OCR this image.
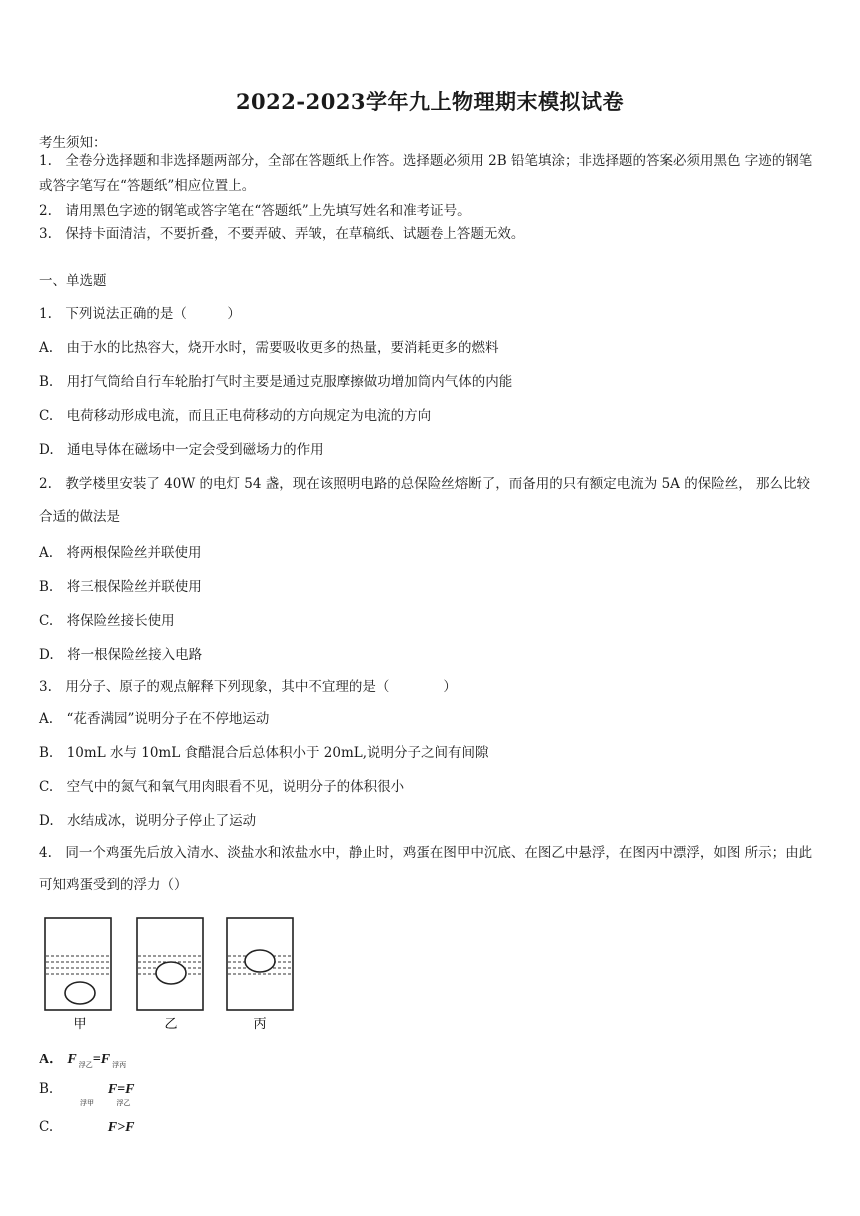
2022-2023学年九上物理期末模拟试卷
考生须知：
1.　全卷分选择题和非选择题两部分，全部在答题纸上作答。选择题必须用 2B 铅笔填涂；非选择题的答案必须用黑色 字迹的钢笔或答字笔写在“答题纸”相应位置上。
2.　请用黑色字迹的钢笔或答字笔在“答题纸”上先填写姓名和准考证号。
3.　保持卡面清洁，不要折叠，不要弄破、弄皱，在草稿纸、试题卷上答题无效。
一、单选题
1.　下列说法正确的是（　　　）
A.　由于水的比热容大，烧开水时，需要吸收更多的热量，要消耗更多的燃料
B.　用打气筒给自行车轮胎打气时主要是通过克服摩擦做功增加筒内气体的内能
C.　电荷移动形成电流，而且正电荷移动的方向规定为电流的方向
D.　通电导体在磁场中一定会受到磁场力的作用
2.　教学楼里安装了 40W 的电灯 54 盏，现在该照明电路的总保险丝熔断了，而备用的只有额定电流为 5A 的保险丝， 那么比较合适的做法是
A.　将两根保险丝并联使用
B.　将三根保险丝并联使用
C.　将保险丝接长使用
D.　将一根保险丝接入电路
3.　用分子、原子的观点解释下列现象，其中不宜理的是（　　　　）
A.　“花香满园”说明分子在不停地运动
B.　10mL 水与 10mL 食醋混合后总体积小于 20mL,说明分子之间有间隙
C.　空气中的氮气和氧气用肉眼看不见，说明分子的体积很小
D.　水结成冰，说明分子停止了运动
4.　同一个鸡蛋先后放入清水、淡盐水和浓盐水中，静止时，鸡蛋在图甲中沉底、在图乙中悬浮，在图丙中漂浮，如图 所示；由此可知鸡蛋受到的浮力（）
甲	乙	丙
A． F $_{浮乙}$=F $_{浮丙}$
B.	F=F
浮甲	浮乙
C.	F>F
